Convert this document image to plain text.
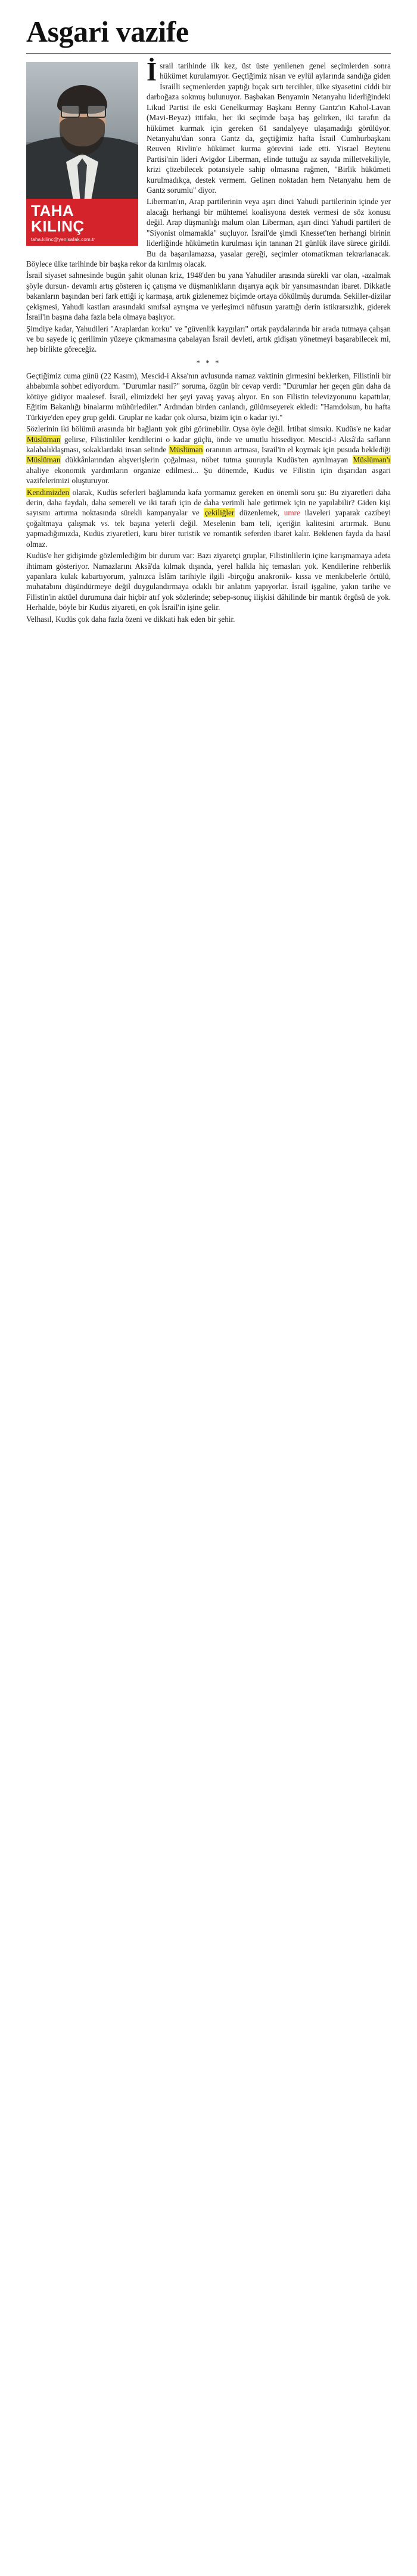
Asgari vazife
TAHA
KILINÇ
taha.kilinc@yenisafak.com.tr

İsrail tarihinde ilk kez, üst üste yenilenen genel seçimlerden sonra hükümet kurulamıyor. Geçtiğimiz nisan ve eylül aylarında sandığa giden İsrailli seçmenlerden yaptığı bıçak sırtı tercihler, ülke siyasetini ciddi bir darboğaza sokmuş bulunuyor. Başbakan Benyamin Netanyahu liderliğindeki Likud Partisi ile eski Genelkurmay Başkanı Benny Gantz'ın Kahol-Lavan (Mavi-Beyaz) ittifakı, her iki seçimde başa baş gelirken, iki tarafın da hükümet kurmak için gereken 61 sandalyeye ulaşamadığı görülüyor. Netanyahu'dan sonra Gantz da, geçtiğimiz hafta İsrail Cumhurbaşkanı Reuven Rivlin'e hükümet kurma görevini iade etti. Yisrael Beytenu Partisi'nin lideri Avigdor Liberman, elinde tuttuğu az sayıda milletvekiliyle, krizi çözebilecek potansiyele sahip olmasına rağmen, "Birlik hükümeti kurulmadıkça, destek vermem. Gelinen noktadan hem Netanyahu hem de Gantz sorumlu" diyor.

Liberman'ın, Arap partilerinin veya aşırı dinci Yahudi partilerinin içinde yer alacağı herhangi bir mühtemel koalisyona destek vermesi de söz konusu değil. Arap düşmanlığı malum olan Liberman, aşırı dinci Yahudi partileri de "Siyonist olmamakla" suçluyor. İsrail'de şimdi Knesset'ten herhangi birinin liderliğinde hükümetin kurulması için tanınan 21 günlük ilave sürece girildi. Bu da başarılamazsa, yasalar gereği, seçimler otomatikman tekrarlanacak. Böylece ülke tarihinde bir başka rekor da kırılmış olacak.

İsrail siyaset sahnesinde bugün şahit olunan kriz, 1948'den bu yana Yahudiler arasında sürekli var olan, -azalmak şöyle dursun- devamlı artış gösteren iç çatışma ve düşmanlıkların dışarıya açık bir yansımasından ibaret. Dikkatle bakanların başından beri fark ettiği iç karmaşa, artık gizlenemez biçimde ortaya dökülmüş durumda. Sekiller-dizilar çekişmesi, Yahudi kastları arasındaki sınıfsal ayrışma ve yerleşimci nüfusun yarattığı derin istikrarsızlık, giderek İsrail'in başına daha fazla bela olmaya başlıyor.

Şimdiye kadar, Yahudileri "Araplardan korku" ve "güvenlik kaygıları" ortak paydalarında bir arada tutmaya çalışan ve bu sayede iç gerilimin yüzeye çıkmamasına çabalayan İsrail devleti, artık gidişatı yönetmeyi başarabilecek mi, hep birlikte göreceğiz.

* * *

Geçtiğimiz cuma günü (22 Kasım), Mescid-i Aksa'nın avlusunda namaz vaktinin girmesini beklerken, Filistinli bir ahbabımla sohbet ediyordum. "Durumlar nasıl?" soruma, özgün bir cevap verdi: "Durumlar her geçen gün daha da kötüye gidiyor maalesef. İsrail, elimizdeki her şeyi yavaş yavaş alıyor. En son Filistin televizyonunu kapattılar, Eğitim Bakanlığı binalarını mühürlediler." Ardından birden canlandı, gülümseyerek ekledi: "Hamdolsun, bu hafta Türkiye'den epey grup geldi. Gruplar ne kadar çok olursa, bizim için o kadar iyi."

Sözlerinin iki bölümü arasında bir bağlantı yok gibi görünebilir. Oysa öyle değil. İrtibat simsıkı. Kudüs'e ne kadar Müslüman gelirse, Filistinliler kendilerini o kadar güçlü, önde ve umutlu hissediyor. Mescid-i Aksâ'da safların kalabalıklaşması, sokaklardaki insan selinde Müslüman oranının artması, İsrail'in el koymak için pusuda beklediği Müslüman dükkânlarından alışverişlerin çoğalması, nöbet tutma şuuruyla Kudüs'ten ayrılmayan Müslüman'ı ahaliye ekonomik yardımların organize edilmesi... Şu dönemde, Kudüs ve Filistin için dışarıdan asgari vazifelerimizi oluşturuyor.

Kendimizden olarak, Kudüs seferleri bağlamında kafa yormamız gereken en önemli soru şu: Bu ziyaretleri daha derin, daha faydalı, daha semereli ve iki tarafı için de daha verimli hale getirmek için ne yapılabilir? Giden kişi sayısını artırma noktasında sürekli kampanyalar ve çekiliğler düzenlemek, umre ilaveleri yaparak cazibeyi çoğaltmaya çalışmak vs. tek başına yeterli değil. Meselenin bam teli, içeriğin kalitesini artırmak. Bunu yapmadığımızda, Kudüs ziyaretleri, kuru birer turistik ve romantik seferden ibaret kalır. Beklenen fayda da hasıl olmaz.

Kudüs'e her gidişimde gözlemlediğim bir durum var: Bazı ziyaretçi gruplar, Filistinlilerin içine karışmamaya adeta ihtimam gösteriyor. Namazlarını Aksâ'da kılmak dışında, yerel halkla hiç temasları yok. Kendilerine rehberlik yapanlara kulak kabartıyorum, yalnızca İslâm tarihiyle ilgili -birçoğu anakronik- kıssa ve menkıbelerle örtülü, muhatabını düşündürmeye değil duygulandırmaya odaklı bir anlatım yapıyorlar. İsrail işgaline, yakın tarihe ve Filistin'in aktüel durumuna dair hiçbir atıf yok sözlerinde; sebep-sonuç ilişkisi dâhilinde bir mantık örgüsü de yok. Herhalde, böyle bir Kudüs ziyareti, en çok İsrail'in işine gelir.

Velhasıl, Kudüs çok daha fazla özeni ve dikkati hak eden bir şehir.
